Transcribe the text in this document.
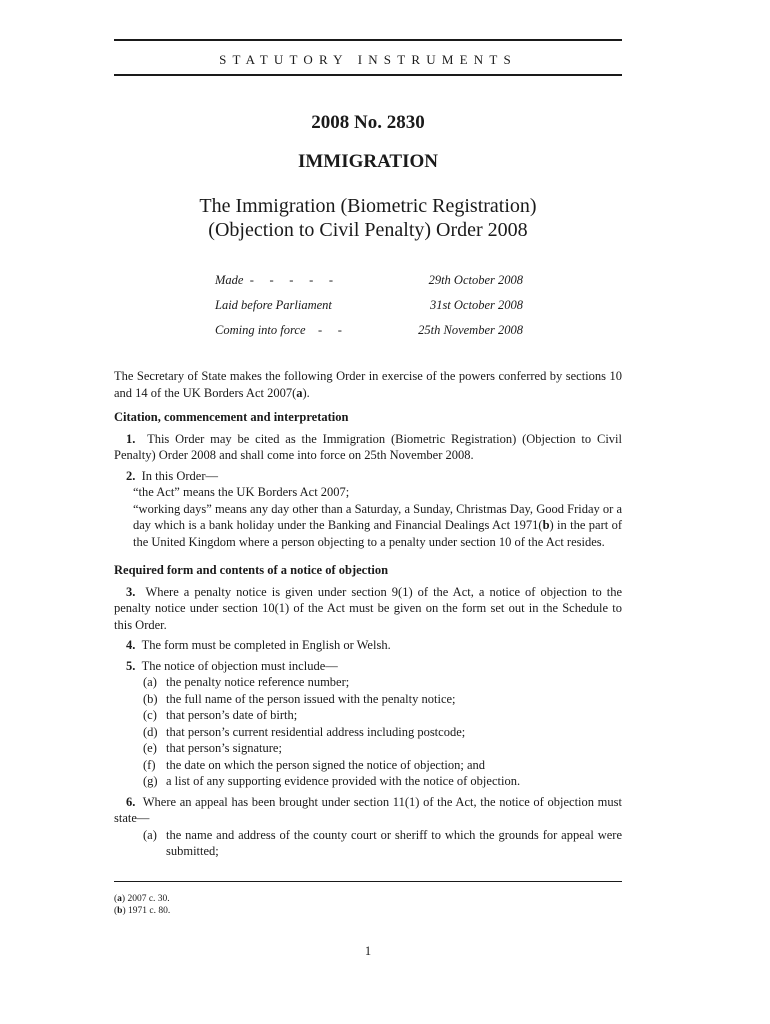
STATUTORY INSTRUMENTS
2008 No. 2830
IMMIGRATION
The Immigration (Biometric Registration)
(Objection to Civil Penalty) Order 2008
Made  -     -     -     -     -	29th October 2008
Laid before Parliament	31st October 2008
Coming into force    -     -	25th November 2008

The Secretary of State makes the following Order in exercise of the powers conferred by sections 10 and 14 of the UK Borders Act 2007(a).

Citation, commencement and interpretation

1. This Order may be cited as the Immigration (Biometric Registration) (Objection to Civil Penalty) Order 2008 and shall come into force on 25th November 2008.

2. In this Order—

“the Act” means the UK Borders Act 2007;

“working days” means any day other than a Saturday, a Sunday, Christmas Day, Good Friday or a day which is a bank holiday under the Banking and Financial Dealings Act 1971(b) in the part of the United Kingdom where a person objecting to a penalty under section 10 of the Act resides.

Required form and contents of a notice of objection

3. Where a penalty notice is given under section 9(1) of the Act, a notice of objection to the penalty notice under section 10(1) of the Act must be given on the form set out in the Schedule to this Order.

4. The form must be completed in English or Welsh.

5. The notice of objection must include—

(a) the penalty notice reference number;
(b) the full name of the person issued with the penalty notice;
(c) that person’s date of birth;
(d) that person’s current residential address including postcode;
(e) that person’s signature;
(f) the date on which the person signed the notice of objection; and
(g) a list of any supporting evidence provided with the notice of objection.

6. Where an appeal has been brought under section 11(1) of the Act, the notice of objection must state—

(a) the name and address of the county court or sheriff to which the grounds for appeal were submitted;
(a) 2007 c. 30.
(b) 1971 c. 80.
1
